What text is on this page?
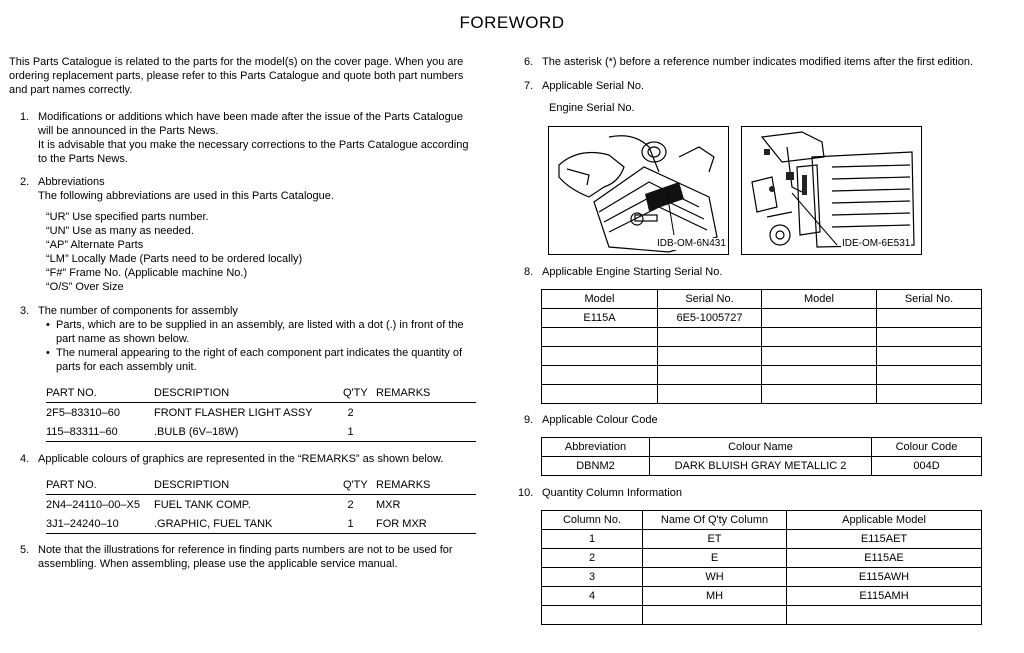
FOREWORD
This Parts Catalogue is related to the parts for the model(s) on the cover page. When you are
ordering replacement parts, please refer to this Parts Catalogue and quote both part numbers
and part names correctly.
1. Modifications or additions which have been made after the issue of the Parts Catalogue
will be announced in the Parts News.
It is advisable that you make the necessary corrections to the Parts Catalogue according
to the Parts News.
2. Abbreviations
The following abbreviations are used in this Parts Catalogue.
“UR” Use specified parts number.
“UN” Use as many as needed.
“AP” Alternate Parts
“LM” Locally Made (Parts need to be ordered locally)
“F#” Frame No. (Applicable machine No.)
“O/S” Over Size
3. The number of components for assembly
• Parts, which are to be supplied in an assembly, are listed with a dot (.) in front of the
part name as shown below.
• The numeral appearing to the right of each component part indicates the quantity of
parts for each assembly unit.
PART NO.	DESCRIPTION	Q'TY	REMARKS
2F5–83310–60	FRONT FLASHER LIGHT ASSY	2	
115–83311–60	.BULB (6V–18W)	1	
4. Applicable colours of graphics are represented in the “REMARKS” as shown below.
PART NO.	DESCRIPTION	Q'TY	REMARKS
2N4–24110–00–X5	FUEL TANK COMP.	2	MXR
3J1–24240–10	.GRAPHIC, FUEL TANK	1	FOR MXR
5. Note that the illustrations for reference in finding parts numbers are not to be used for
assembling. When assembling, please use the applicable service manual.
6. The asterisk (*) before a reference number indicates modified items after the first edition.
7. Applicable Serial No.
Engine Serial No.
IDB-OM-6N431	IDE-OM-6E531
8. Applicable Engine Starting Serial No.
Model	Serial No.	Model	Serial No.
E115A	6E5-1005727		

9. Applicable Colour Code
Abbreviation	Colour Name	Colour Code
DBNM2	DARK BLUISH GRAY METALLIC 2	004D
10. Quantity Column Information
Column No.	Name Of Q'ty Column	Applicable Model
1	ET	E115AET
2	E	E115AE
3	WH	E115AWH
4	MH	E115AMH
